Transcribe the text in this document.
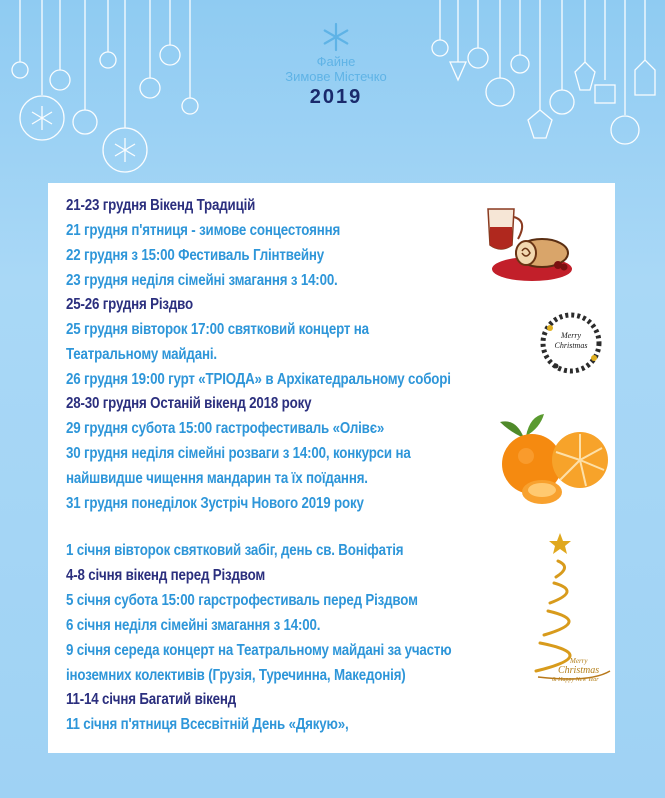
Файне
Зимове Містечко
2019
21-23 грудня Вікенд Традицій
21 грудня п'ятниця - зимове сонцестояння
22 грудня з 15:00 Фестиваль Глінтвейну
23 грудня неділя сімейні змагання з 14:00.
25-26 грудня Різдво
25 грудня вівторок 17:00 святковий концерт на
Театральному майдані.
26 грудня 19:00 гурт «ТРІОДА» в Архікатедральному соборі
28-30 грудня Останій вікенд 2018 року
29 грудня субота 15:00 гастрофестиваль «Олівє»
30 грудня неділя сімейні розваги з 14:00, конкурси на
найшвидше чищення мандарин та їх поїдання.
31 грудня понеділок Зустріч Нового 2019 року
1 січня вівторок святковий забіг, день св. Воніфатія
4-8 січня вікенд перед Різдвом
5 січня субота 15:00 гарстрофестиваль перед Різдвом
6 січня неділя сімейні змагання з 14:00.
9 січня середа концерт на Театральному майдані за участю
іноземних колективів (Грузія, Туречинна, Македонія)
11-14 січня Багатий вікенд
11 січня п'ятниця Всесвітній День «Дякую»,
Merry
Christmas
Merry
Christmas
& Happy New Year
